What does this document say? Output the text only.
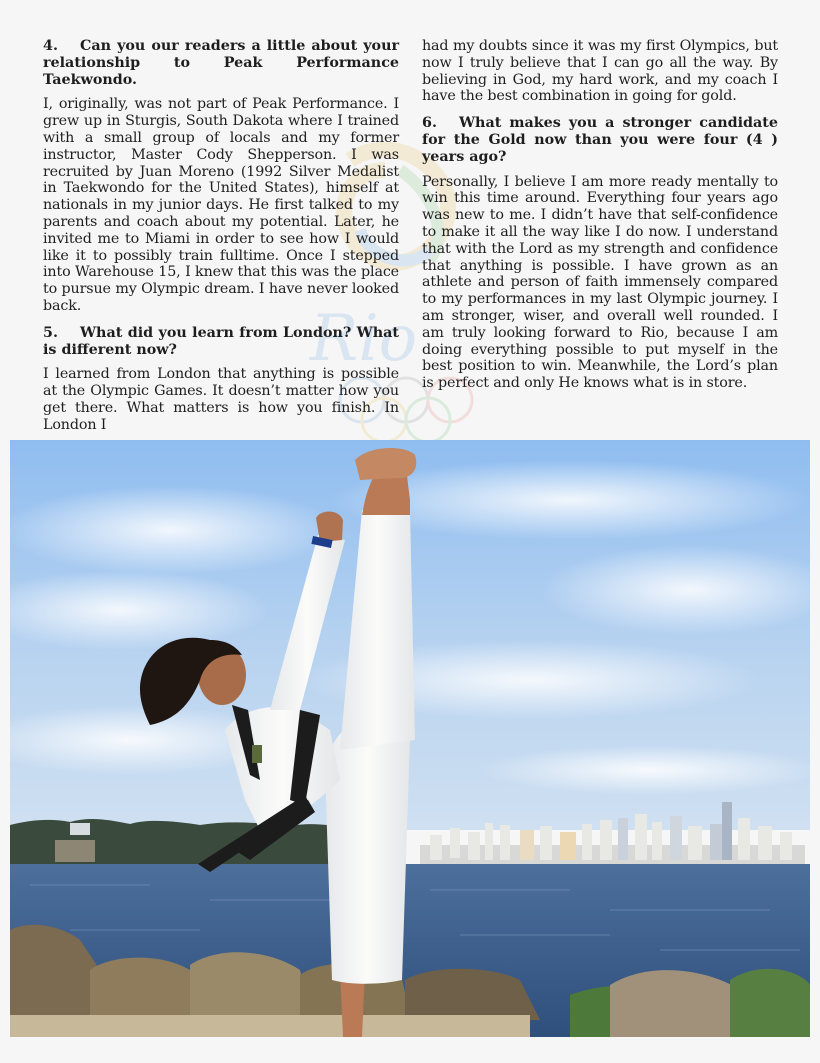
Rio

4. Can you our readers a little about your relationship to Peak Performance Taekwondo.

I, originally, was not part of Peak Performance. I grew up in Sturgis, South Dakota where I trained with a small group of locals and my former instructor, Master Cody Shepperson. I was recruited by Juan Moreno (1992 Silver Medalist in Taekwondo for the United States), himself at nationals in my junior days. He first talked to my parents and coach about my potential. Later, he invited me to Miami in order to see how I would like it to possibly train fulltime. Once I stepped into Warehouse 15, I knew that this was the place to pursue my Olympic dream. I have never looked back.

5. What did you learn from London? What is different now?

I learned from London that anything is possible at the Olympic Games. It doesn’t matter how you get there. What matters is how you finish. In London I

had my doubts since it was my first Olympics, but now I truly believe that I can go all the way. By believing in God, my hard work, and my coach I have the best combination in going for gold.

6. What makes you a stronger candidate for the Gold now than you were four (4 ) years ago?

Personally, I believe I am more ready mentally to win this time around. Everything four years ago was new to me. I didn’t have that self-confidence to make it all the way like I do now. I understand that with the Lord as my strength and confidence that anything is possible. I have grown as an athlete and person of faith immensely compared to my performances in my last Olympic journey. I am stronger, wiser, and overall well rounded. I am truly looking forward to Rio, because I am doing everything possible to put myself in the best position to win. Meanwhile, the Lord’s plan is perfect and only He knows what is in store.
